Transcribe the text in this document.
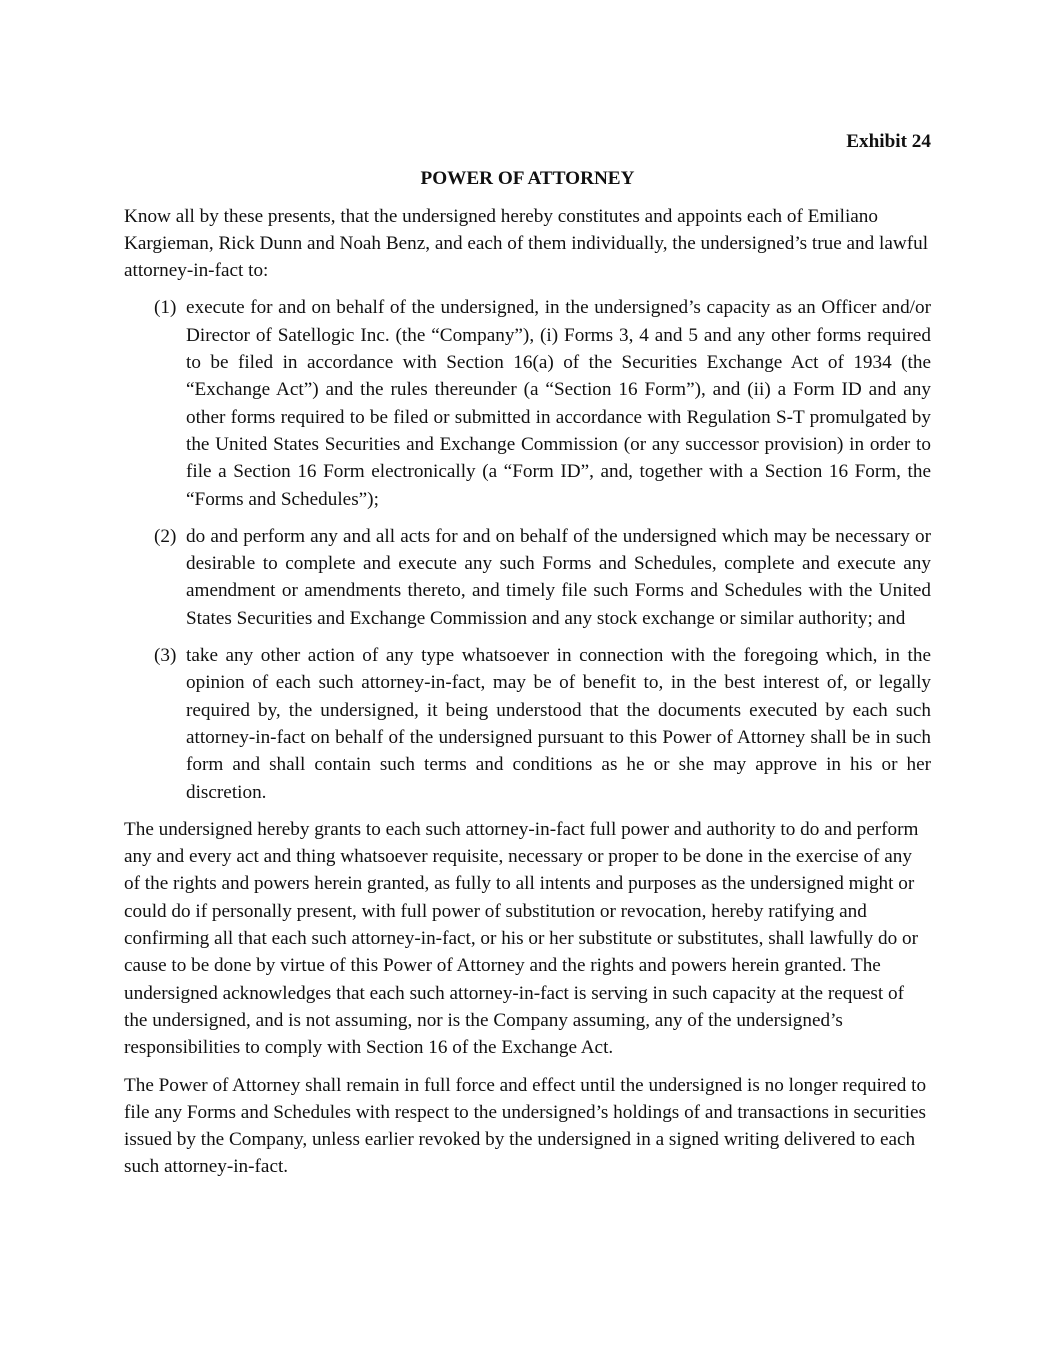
Exhibit 24
POWER OF ATTORNEY

Know all by these presents, that the undersigned hereby constitutes and appoints each of Emiliano Kargieman, Rick Dunn and Noah Benz, and each of them individually, the undersigned’s true and lawful attorney-in-fact to:

(1) execute for and on behalf of the undersigned, in the undersigned’s capacity as an Officer and/or Director of Satellogic Inc. (the “Company”), (i) Forms 3, 4 and 5 and any other forms required to be filed in accordance with Section 16(a) of the Securities Exchange Act of 1934 (the “Exchange Act”) and the rules thereunder (a “Section 16 Form”), and (ii) a Form ID and any other forms required to be filed or submitted in accordance with Regulation S-T promulgated by the United States Securities and Exchange Commission (or any successor provision) in order to file a Section 16 Form electronically (a “Form ID”, and, together with a Section 16 Form, the “Forms and Schedules”);
(2) do and perform any and all acts for and on behalf of the undersigned which may be necessary or desirable to complete and execute any such Forms and Schedules, complete and execute any amendment or amendments thereto, and timely file such Forms and Schedules with the United States Securities and Exchange Commission and any stock exchange or similar authority; and
(3) take any other action of any type whatsoever in connection with the foregoing which, in the opinion of each such attorney-in-fact, may be of benefit to, in the best interest of, or legally required by, the undersigned, it being understood that the documents executed by each such attorney-in-fact on behalf of the undersigned pursuant to this Power of Attorney shall be in such form and shall contain such terms and conditions as he or she may approve in his or her discretion.

The undersigned hereby grants to each such attorney-in-fact full power and authority to do and perform any and every act and thing whatsoever requisite, necessary or proper to be done in the exercise of any of the rights and powers herein granted, as fully to all intents and purposes as the undersigned might or could do if personally present, with full power of substitution or revocation, hereby ratifying and confirming all that each such attorney-in-fact, or his or her substitute or substitutes, shall lawfully do or cause to be done by virtue of this Power of Attorney and the rights and powers herein granted. The undersigned acknowledges that each such attorney-in-fact is serving in such capacity at the request of the undersigned, and is not assuming, nor is the Company assuming, any of the undersigned’s responsibilities to comply with Section 16 of the Exchange Act.

The Power of Attorney shall remain in full force and effect until the undersigned is no longer required to file any Forms and Schedules with respect to the undersigned’s holdings of and transactions in securities issued by the Company, unless earlier revoked by the undersigned in a signed writing delivered to each such attorney-in-fact.
